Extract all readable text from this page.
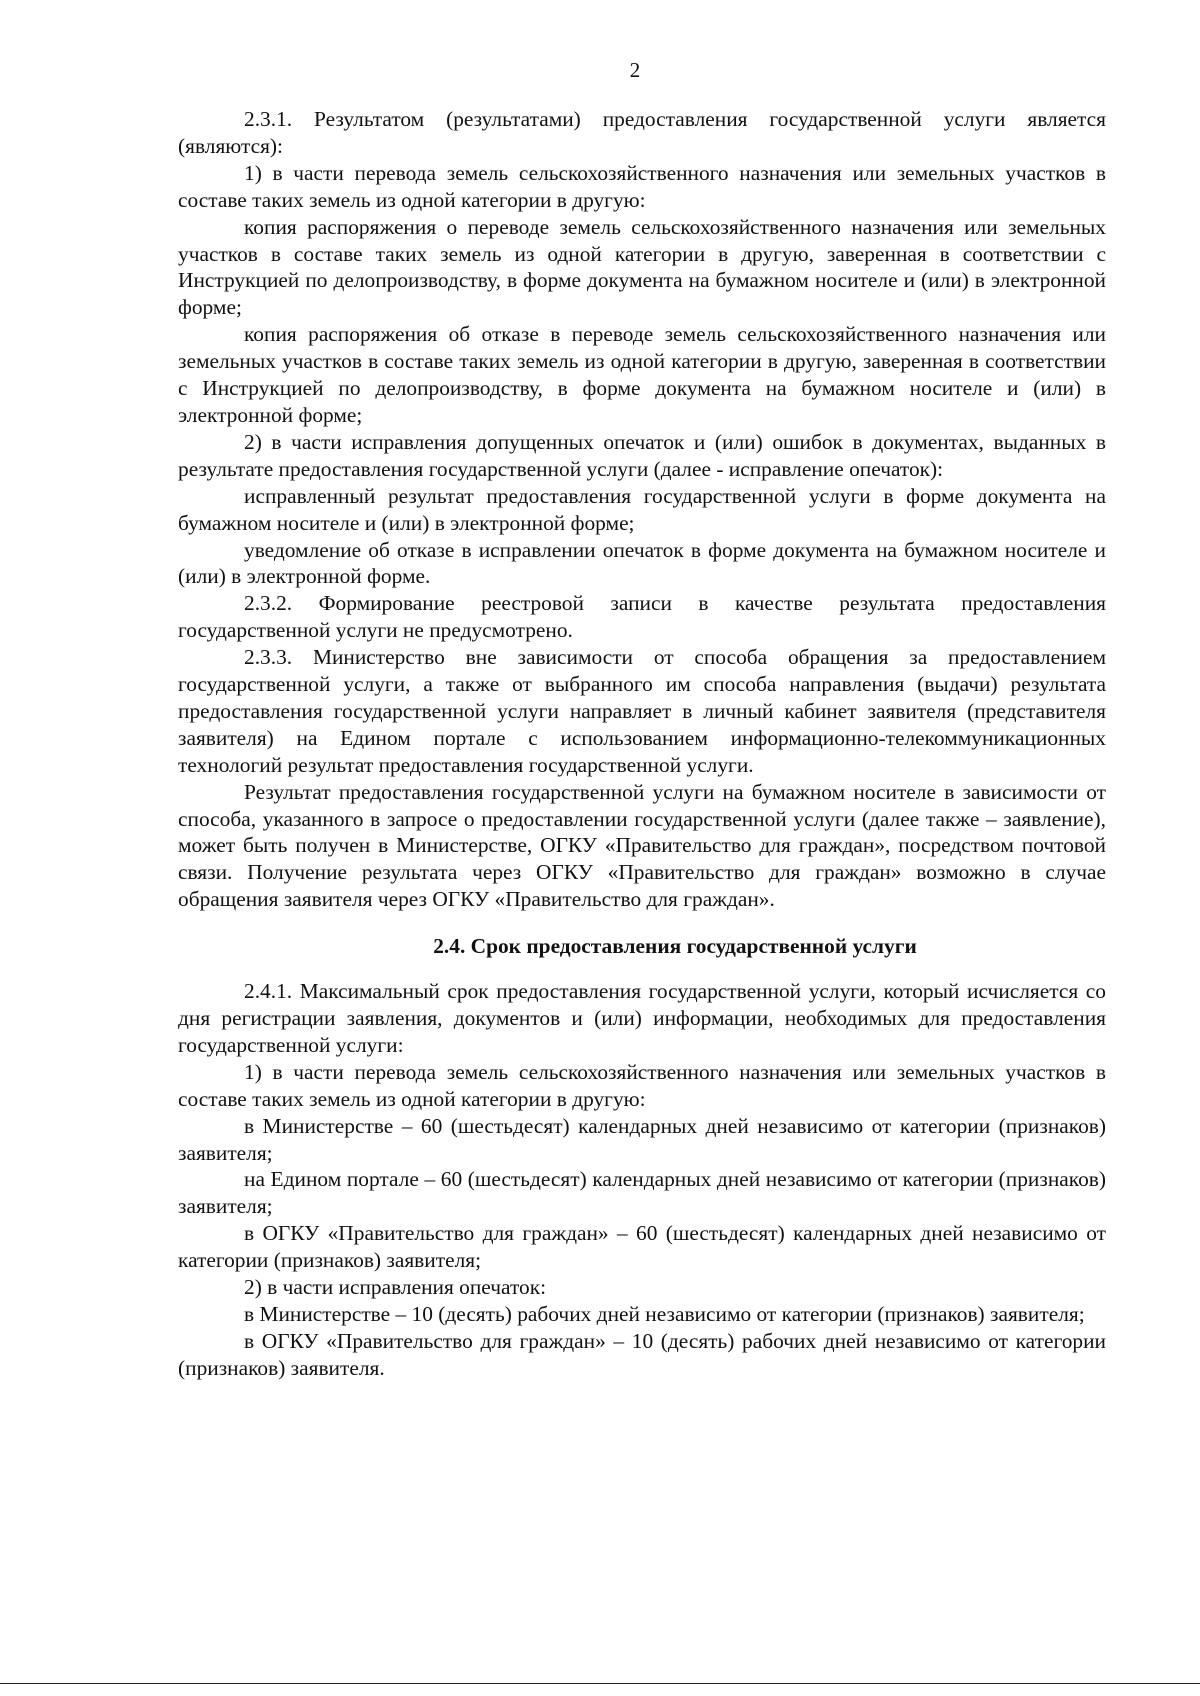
2

2.3.1. Результатом (результатами) предоставления государственной услуги является (являются):

1) в части перевода земель сельскохозяйственного назначения или земельных участков в составе таких земель из одной категории в другую:

копия распоряжения о переводе земель сельскохозяйственного назначения или земельных участков в составе таких земель из одной категории в другую, заверенная в соответствии с Инструкцией по делопроизводству, в форме документа на бумажном носителе и (или) в электронной форме;

копия распоряжения об отказе в переводе земель сельскохозяйственного назначения или земельных участков в составе таких земель из одной категории в другую, заверенная в соответствии с Инструкцией по делопроизводству, в форме документа на бумажном носителе и (или) в электронной форме;

2) в части исправления допущенных опечаток и (или) ошибок в документах, выданных в результате предоставления государственной услуги (далее - исправление опечаток):

исправленный результат предоставления государственной услуги в форме документа на бумажном носителе и (или) в электронной форме;

уведомление об отказе в исправлении опечаток в форме документа на бумажном носителе и (или) в электронной форме.

2.3.2. Формирование реестровой записи в качестве результата предоставления государственной услуги не предусмотрено.

2.3.3. Министерство вне зависимости от способа обращения за предоставлением государственной услуги, а также от выбранного им способа направления (выдачи) результата предоставления государственной услуги направляет в личный кабинет заявителя (представителя заявителя) на Едином портале с использованием информационно-телекоммуникационных технологий результат предоставления государственной услуги.

Результат предоставления государственной услуги на бумажном носителе в зависимости от способа, указанного в запросе о предоставлении государственной услуги (далее также – заявление), может быть получен в Министерстве, ОГКУ «Правительство для граждан», посредством почтовой связи. Получение результата через ОГКУ «Правительство для граждан» возможно в случае обращения заявителя через ОГКУ «Правительство для граждан».

2.4. Срок предоставления государственной услуги

2.4.1. Максимальный срок предоставления государственной услуги, который исчисляется со дня регистрации заявления, документов и (или) информации, необходимых для предоставления государственной услуги:

1) в части перевода земель сельскохозяйственного назначения или земельных участков в составе таких земель из одной категории в другую:

в Министерстве – 60 (шестьдесят) календарных дней независимо от категории (признаков) заявителя;

на Едином портале – 60 (шестьдесят) календарных дней независимо от категории (признаков) заявителя;

в ОГКУ «Правительство для граждан» – 60 (шестьдесят) календарных дней независимо от категории (признаков) заявителя;

2) в части исправления опечаток:

в Министерстве – 10 (десять) рабочих дней независимо от категории (признаков) заявителя;

в ОГКУ «Правительство для граждан» – 10 (десять) рабочих дней независимо от категории (признаков) заявителя.
